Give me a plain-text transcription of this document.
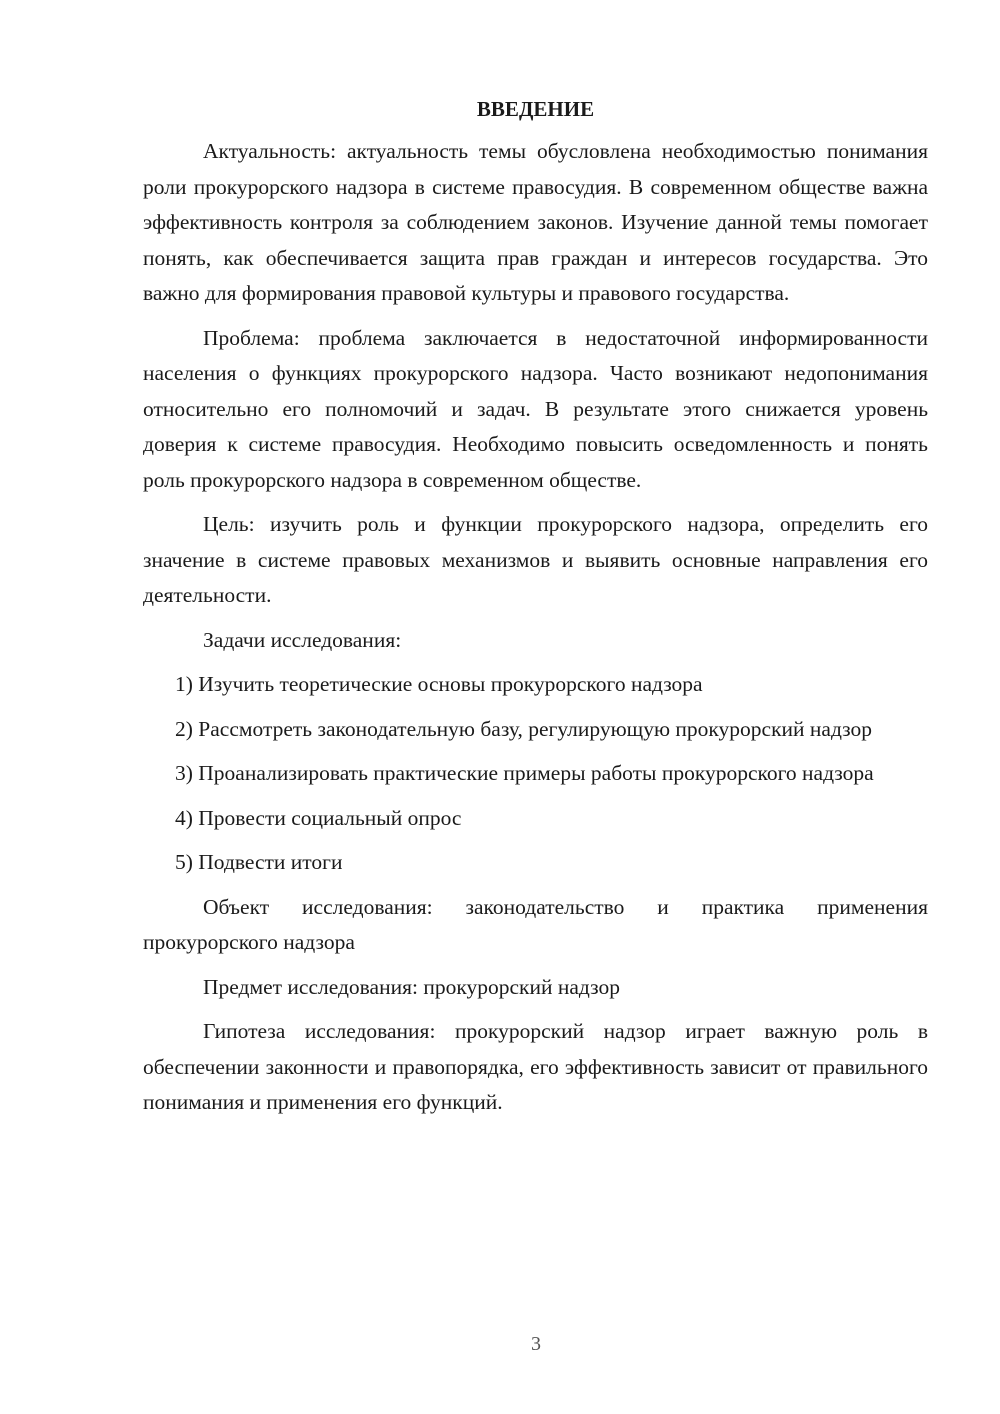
ВВЕДЕНИЕ

Актуальность: актуальность темы обусловлена необходимостью понимания роли прокурорского надзора в системе правосудия. В современном обществе важна эффективность контроля за соблюдением законов. Изучение данной темы помогает понять, как обеспечивается защита прав граждан и интересов государства. Это важно для формирования правовой культуры и правового государства.

Проблема: проблема заключается в недостаточной информированности населения о функциях прокурорского надзора. Часто возникают недопонимания относительно его полномочий и задач. В результате этого снижается уровень доверия к системе правосудия. Необходимо повысить осведомленность и понять роль прокурорского надзора в современном обществе.

Цель: изучить роль и функции прокурорского надзора, определить его значение в системе правовых механизмов и выявить основные направления его деятельности.

Задачи исследования:

1) Изучить теоретические основы прокурорского надзора

2) Рассмотреть законодательную базу, регулирующую прокурорский надзор

3) Проанализировать практические примеры работы прокурорского надзора

4) Провести социальный опрос

5) Подвести итоги

Объект исследования: законодательство и практика применения прокурорского надзора

Предмет исследования: прокурорский надзор

Гипотеза исследования: прокурорский надзор играет важную роль в обеспечении законности и правопорядка, его эффективность зависит от правильного понимания и применения его функций.

3
